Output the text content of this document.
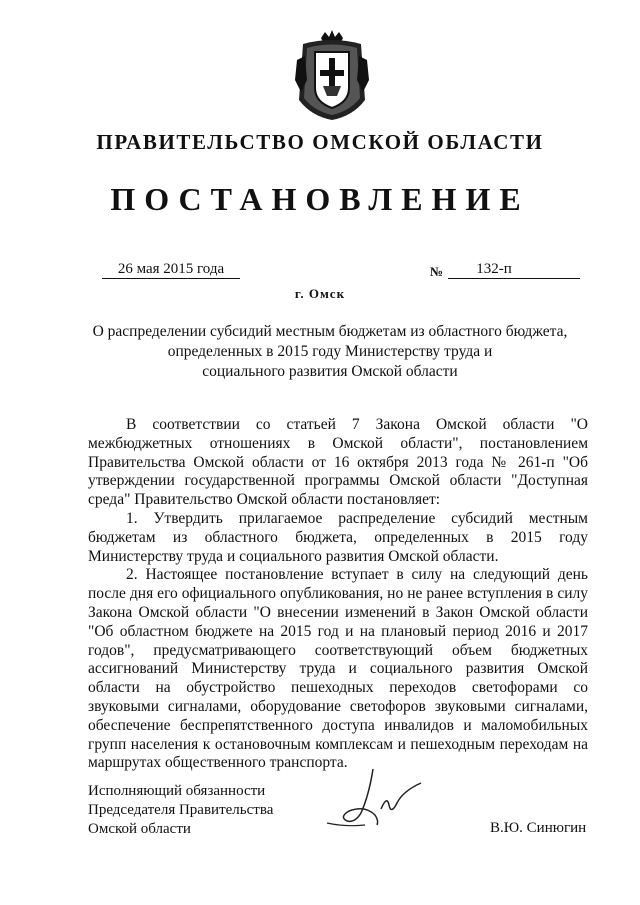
ПРАВИТЕЛЬСТВО ОМСКОЙ ОБЛАСТИ
ПОСТАНОВЛЕНИЕ
26 мая 2015 года	№	132-п
г. Омск
О распределении субсидий местным бюджетам из областного бюджета,
определенных в 2015 году Министерству труда и
социального развития Омской области

В соответствии со статьей 7 Закона Омской области "О межбюджетных отношениях в Омской области", постановлением Правительства Омской области от 16 октября 2013 года № 261-п "Об утверждении государственной программы Омской области "Доступная среда" Правительство Омской области постановляет:

1. Утвердить прилагаемое распределение субсидий местным бюджетам из областного бюджета, определенных в 2015 году Министерству труда и социального развития Омской области.

2. Настоящее постановление вступает в силу на следующий день после дня его официального опубликования, но не ранее вступления в силу Закона Омской области "О внесении изменений в Закон Омской области "Об областном бюджете на 2015 год и на плановый период 2016 и 2017 годов", предусматривающего соответствующий объем бюджетных ассигнований Министерству труда и социального развития Омской области на обустройство пешеходных переходов светофорами со звуковыми сигналами, оборудование светофоров звуковыми сигналами, обеспечение беспрепятственного доступа инвалидов и маломобильных групп населения к остановочным комплексам и пешеходным переходам на маршрутах общественного транспорта.

Исполняющий обязанности
Председателя Правительства
Омской области	В.Ю. Синюгин
